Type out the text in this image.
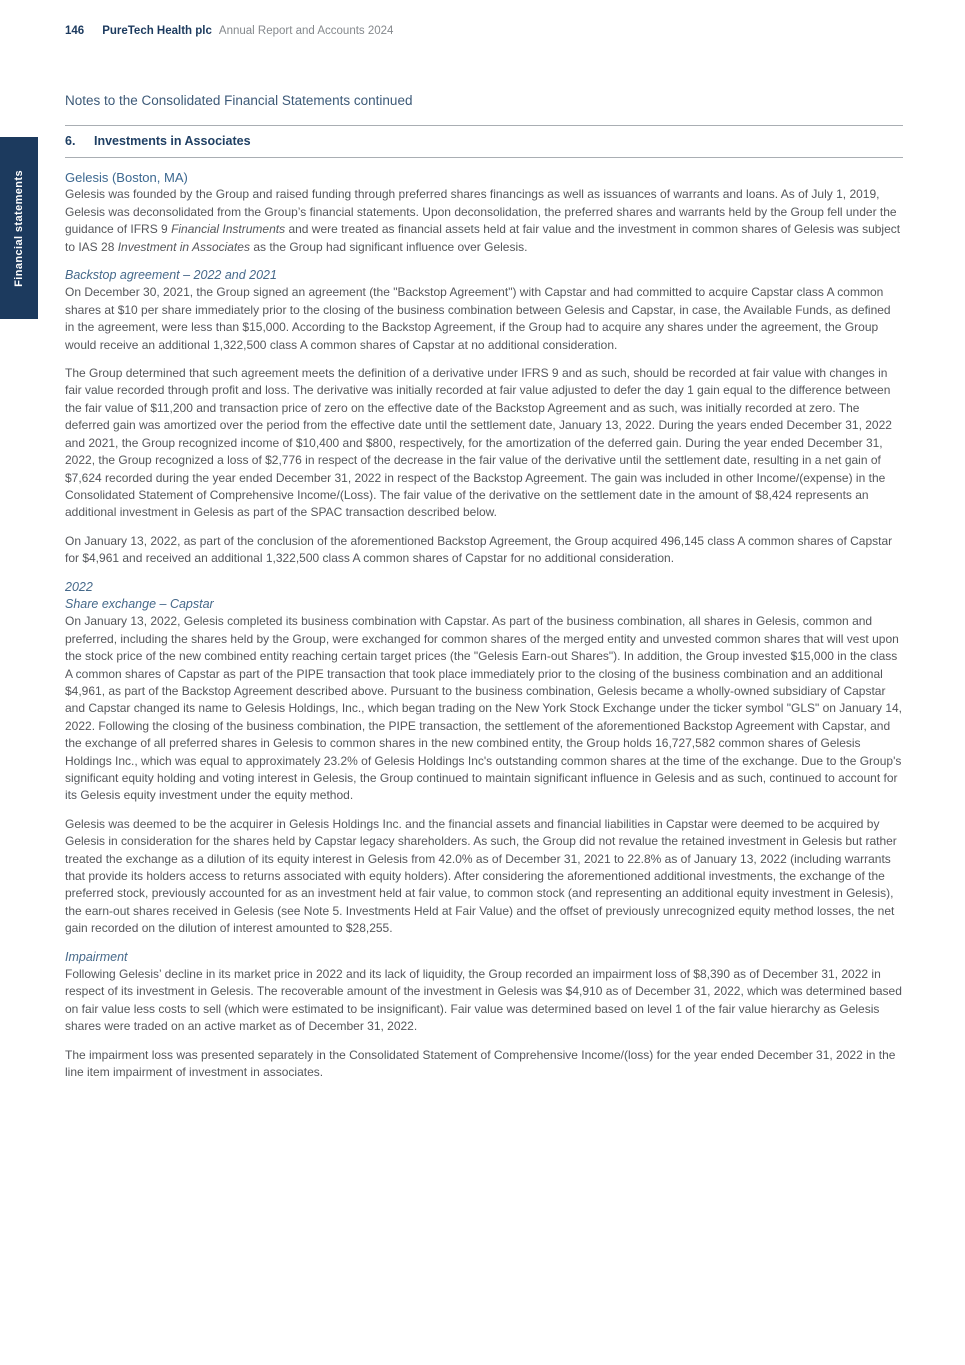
Financial statements
146 PureTech Health plc Annual Report and Accounts 2024
Notes to the Consolidated Financial Statements continued
6.	Investments in Associates
Gelesis (Boston, MA)

Gelesis was founded by the Group and raised funding through preferred shares financings as well as issuances of warrants and loans. As of July 1, 2019, Gelesis was deconsolidated from the Group’s financial statements. Upon deconsolidation, the preferred shares and warrants held by the Group fell under the guidance of IFRS 9 Financial Instruments and were treated as financial assets held at fair value and the investment in common shares of Gelesis was subject to IAS 28 Investment in Associates as the Group had significant influence over Gelesis.

Backstop agreement – 2022 and 2021

On December 30, 2021, the Group signed an agreement (the "Backstop Agreement") with Capstar and had committed to acquire Capstar class A common shares at $10 per share immediately prior to the closing of the business combination between Gelesis and Capstar, in case, the Available Funds, as defined in the agreement, were less than $15,000. According to the Backstop Agreement, if the Group had to acquire any shares under the agreement, the Group would receive an additional 1,322,500 class A common shares of Capstar at no additional consideration.

The Group determined that such agreement meets the definition of a derivative under IFRS 9 and as such, should be recorded at fair value with changes in fair value recorded through profit and loss. The derivative was initially recorded at fair value adjusted to defer the day 1 gain equal to the difference between the fair value of $11,200 and transaction price of zero on the effective date of the Backstop Agreement and as such, was initially recorded at zero. The deferred gain was amortized over the period from the effective date until the settlement date, January 13, 2022. During the years ended December 31, 2022 and 2021, the Group recognized income of $10,400 and $800, respectively, for the amortization of the deferred gain. During the year ended December 31, 2022, the Group recognized a loss of $2,776 in respect of the decrease in the fair value of the derivative until the settlement date, resulting in a net gain of $7,624 recorded during the year ended December 31, 2022 in respect of the Backstop Agreement. The gain was included in other Income/(expense) in the Consolidated Statement of Comprehensive Income/(Loss). The fair value of the derivative on the settlement date in the amount of $8,424 represents an additional investment in Gelesis as part of the SPAC transaction described below.

On January 13, 2022, as part of the conclusion of the aforementioned Backstop Agreement, the Group acquired 496,145 class A common shares of Capstar for $4,961 and received an additional 1,322,500 class A common shares of Capstar for no additional consideration.

2022
Share exchange – Capstar

On January 13, 2022, Gelesis completed its business combination with Capstar. As part of the business combination, all shares in Gelesis, common and preferred, including the shares held by the Group, were exchanged for common shares of the merged entity and unvested common shares that will vest upon the stock price of the new combined entity reaching certain target prices (the "Gelesis Earn-out Shares"). In addition, the Group invested $15,000 in the class A common shares of Capstar as part of the PIPE transaction that took place immediately prior to the closing of the business combination and an additional $4,961, as part of the Backstop Agreement described above. Pursuant to the business combination, Gelesis became a wholly-owned subsidiary of Capstar and Capstar changed its name to Gelesis Holdings, Inc., which began trading on the New York Stock Exchange under the ticker symbol "GLS" on January 14, 2022. Following the closing of the business combination, the PIPE transaction, the settlement of the aforementioned Backstop Agreement with Capstar, and the exchange of all preferred shares in Gelesis to common shares in the new combined entity, the Group holds 16,727,582 common shares of Gelesis Holdings Inc., which was equal to approximately 23.2% of Gelesis Holdings Inc's outstanding common shares at the time of the exchange. Due to the Group's significant equity holding and voting interest in Gelesis, the Group continued to maintain significant influence in Gelesis and as such, continued to account for its Gelesis equity investment under the equity method.

Gelesis was deemed to be the acquirer in Gelesis Holdings Inc. and the financial assets and financial liabilities in Capstar were deemed to be acquired by Gelesis in consideration for the shares held by Capstar legacy shareholders. As such, the Group did not revalue the retained investment in Gelesis but rather treated the exchange as a dilution of its equity interest in Gelesis from 42.0% as of December 31, 2021 to 22.8% as of January 13, 2022 (including warrants that provide its holders access to returns associated with equity holders). After considering the aforementioned additional investments, the exchange of the preferred stock, previously accounted for as an investment held at fair value, to common stock (and representing an additional equity investment in Gelesis), the earn-out shares received in Gelesis (see Note 5. Investments Held at Fair Value) and the offset of previously unrecognized equity method losses, the net gain recorded on the dilution of interest amounted to $28,255.

Impairment

Following Gelesis’ decline in its market price in 2022 and its lack of liquidity, the Group recorded an impairment loss of $8,390 as of December 31, 2022 in respect of its investment in Gelesis. The recoverable amount of the investment in Gelesis was $4,910 as of December 31, 2022, which was determined based on fair value less costs to sell (which were estimated to be insignificant). Fair value was determined based on level 1 of the fair value hierarchy as Gelesis shares were traded on an active market as of December 31, 2022.

The impairment loss was presented separately in the Consolidated Statement of Comprehensive Income/(loss) for the year ended December 31, 2022 in the line item impairment of investment in associates.
